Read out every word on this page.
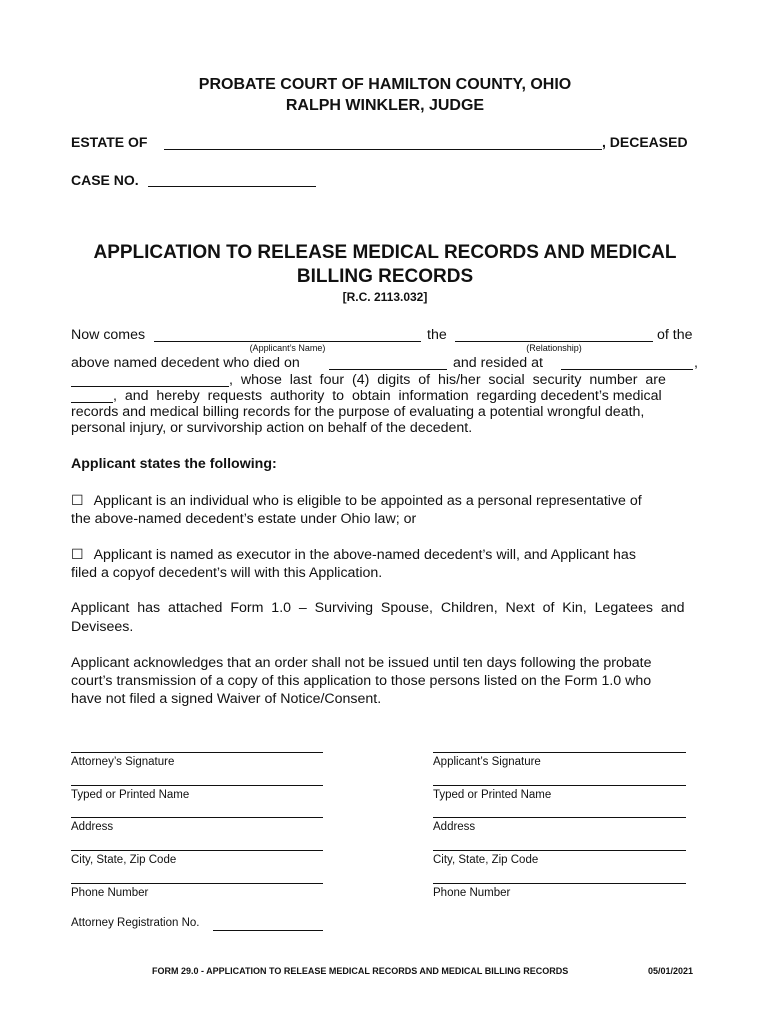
PROBATE COURT OF HAMILTON COUNTY, OHIO
RALPH WINKLER, JUDGE
ESTATE OF	, DECEASED
CASE NO.
APPLICATION TO RELEASE MEDICAL RECORDS AND MEDICAL
BILLING RECORDS
[R.C. 2113.032]
Now comes	the	of the
(Applicant’s Name)	(Relationship)
above named decedent who died on	and resided at	,
,  whose  last  four  (4)  digits  of  his/her  social  security  number  are
,  and  hereby  requests  authority  to  obtain  information  regarding decedent’s medical
records and medical billing records for the purpose of evaluating a potential wrongful death,
personal injury, or survivorship action on behalf of the decedent.
Applicant states the following:
☐ Applicant is an individual who is eligible to be appointed as a personal representative of
the above-named decedent’s estate under Ohio law; or
☐ Applicant is named as executor in the above-named decedent’s will, and Applicant has
filed a copyof decedent’s will with this Application.
Applicant  has  attached  Form  1.0  –  Surviving  Spouse,  Children,  Next  of  Kin,  Legatees  and
Devisees.
Applicant acknowledges that an order shall not be issued until ten days following the probate
court’s transmission of a copy of this application to those persons listed on the Form 1.0 who
have not filed a signed Waiver of Notice/Consent.
Attorney’s Signature
Typed or Printed Name
Address
City, State, Zip Code
Phone Number
Attorney Registration No.
Applicant’s Signature
Typed or Printed Name
Address
City, State, Zip Code
Phone Number
FORM 29.0 - APPLICATION TO RELEASE MEDICAL RECORDS AND MEDICAL BILLING RECORDS	05/01/2021
